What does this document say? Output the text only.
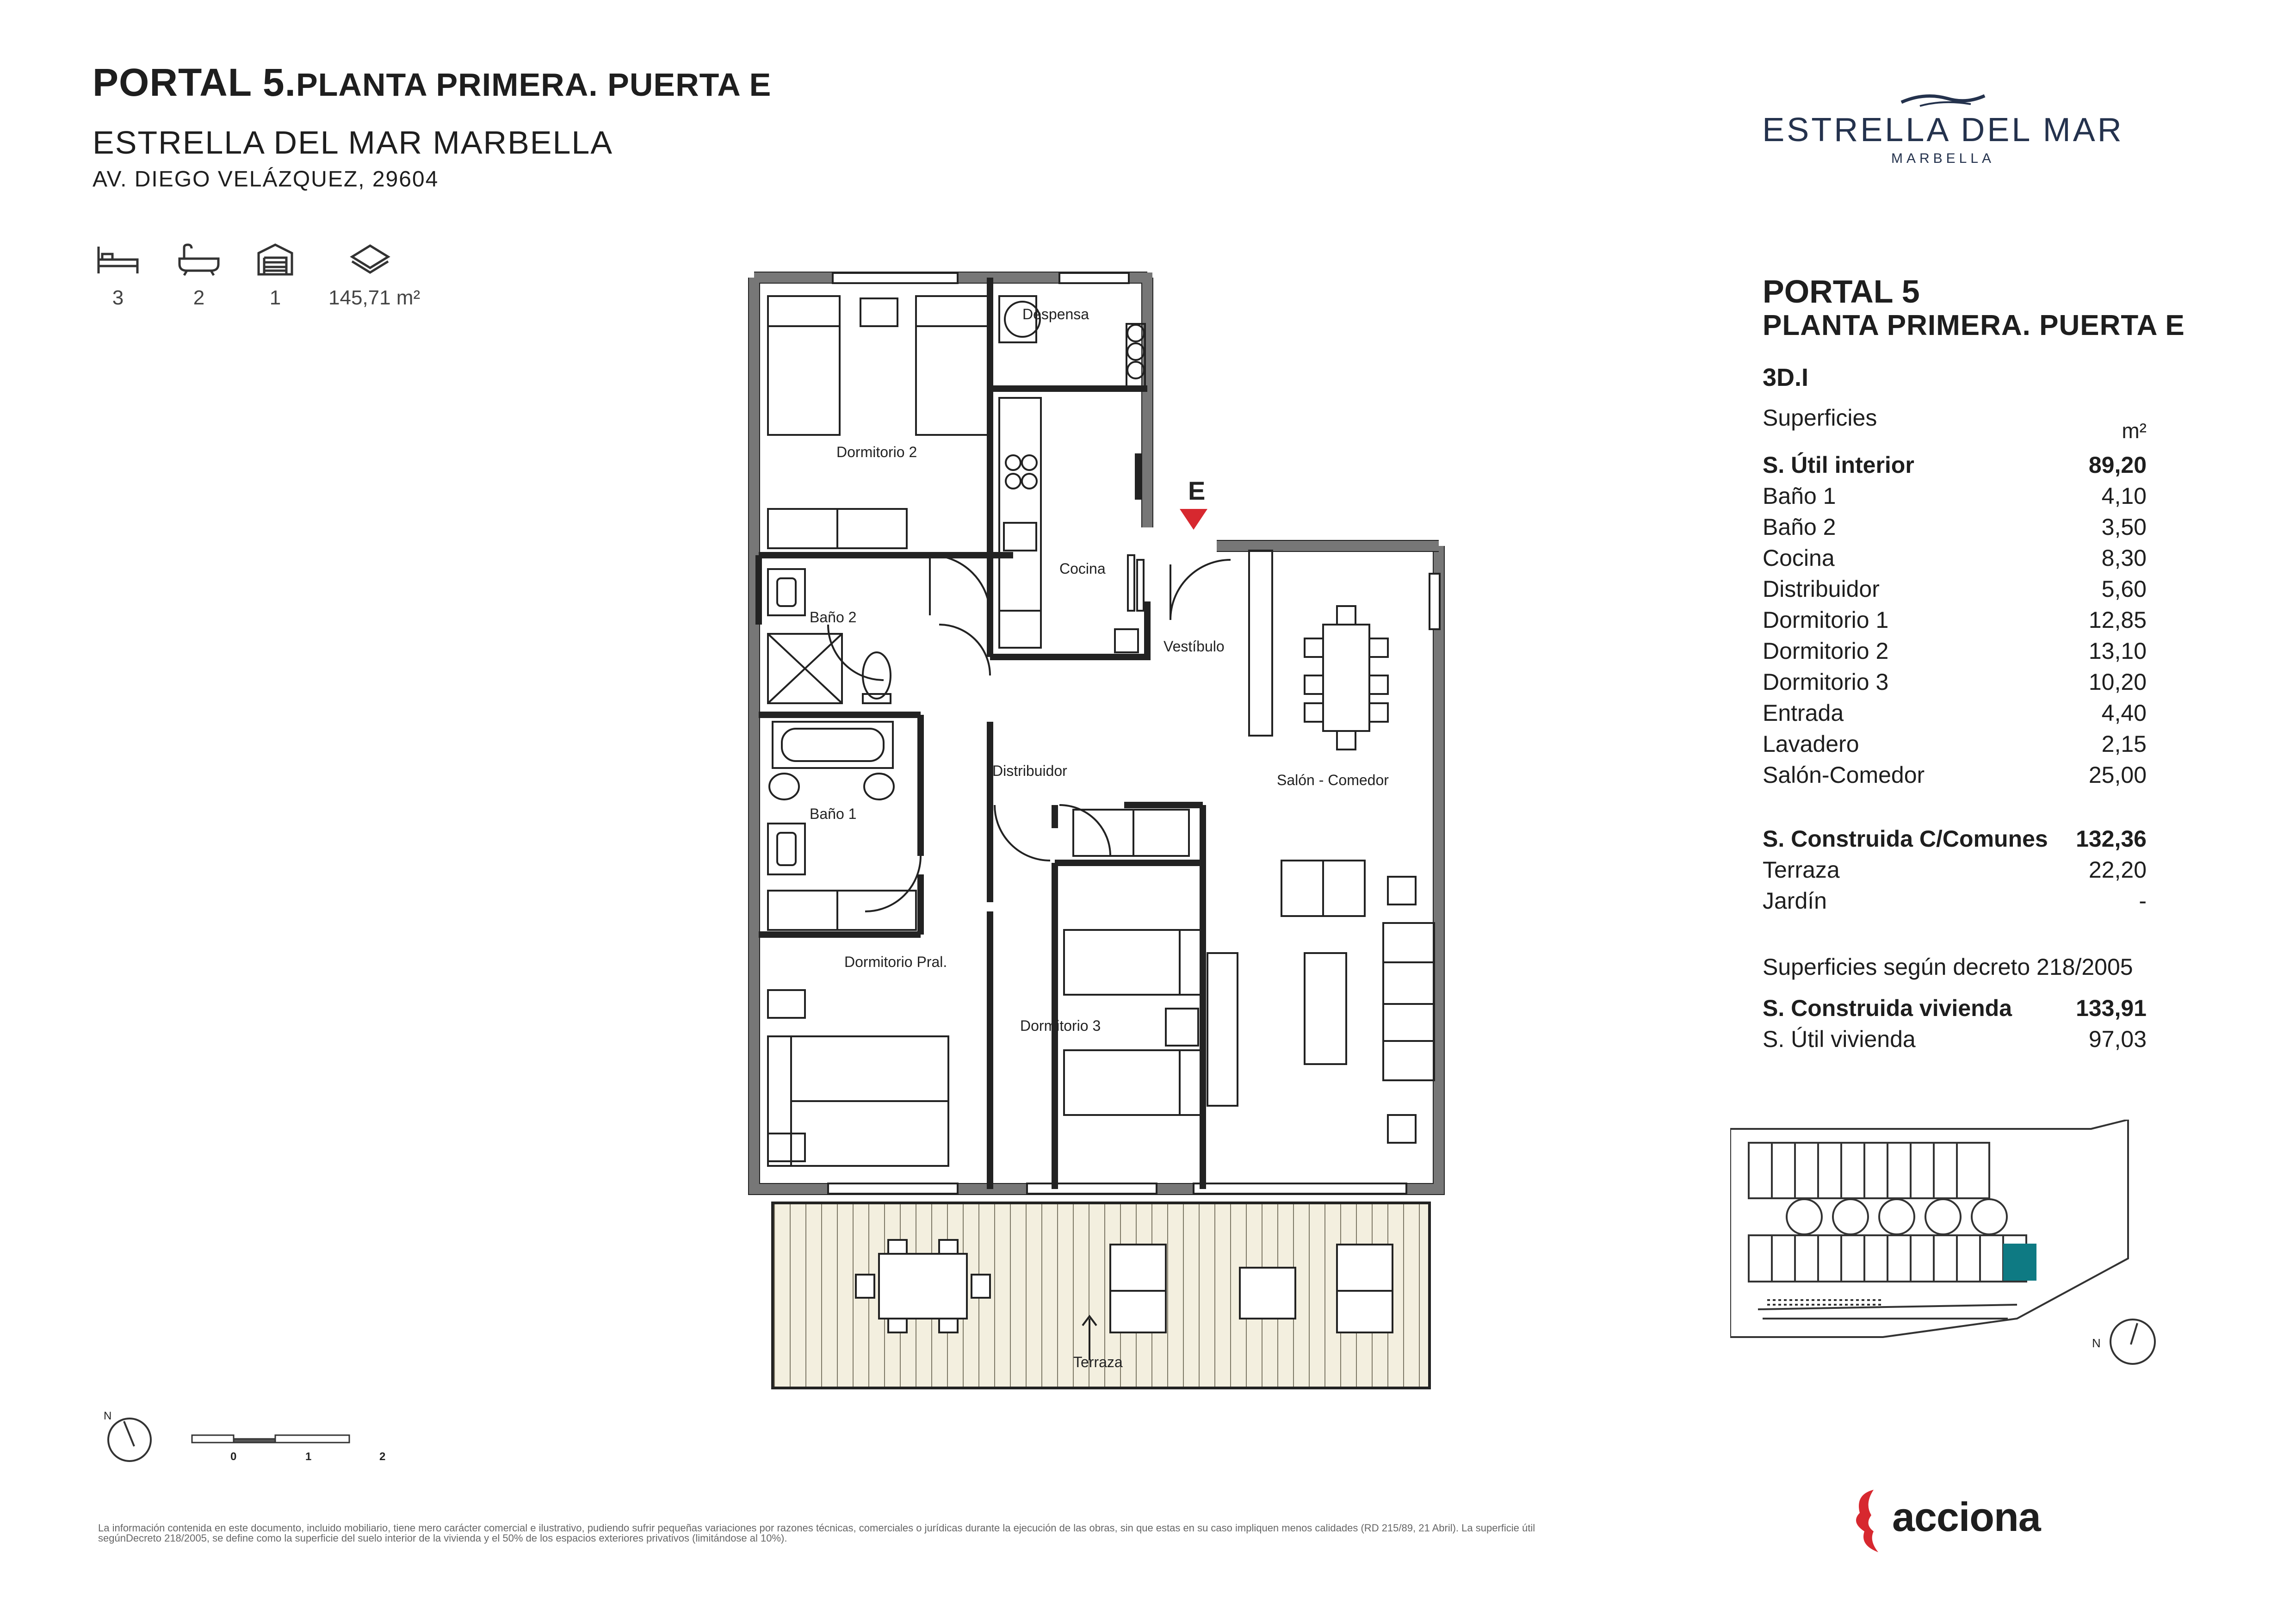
PORTAL 5.PLANTA PRIMERA. PUERTA E
ESTRELLA DEL MAR MARBELLA
AV. DIEGO VELÁZQUEZ, 29604
3	2	1	145,71 m²
ESTRELLA DEL MAR
MARBELLA
PORTAL 5
PLANTA PRIMERA. PUERTA E
3D.I
Superficies	m²
S. Útil interior	89,20
Baño 1	4,10
Baño 2	3,50
Cocina	8,30
Distribuidor	5,60
Dormitorio 1	12,85
Dormitorio 2	13,10
Dormitorio 3	10,20
Entrada	4,40
Lavadero	2,15
Salón-Comedor	25,00
S. Construida C/Comunes 132,36
Terraza	22,20
Jardín	-
Superficies según decreto 218/2005
S. Construida vivienda	133,91
S. Útil vivienda	97,03
N
E
Despensa
Dormitorio 2
Cocina
Baño 2
Vestíbulo
Distribuidor
Salón - Comedor
Baño 1
Dormitorio Pral.
Dormitorio 3
Terraza
N
0	1	2
La información contenida en este documento, incluido mobiliario, tiene mero carácter comercial e ilustrativo, pudiendo sufrir pequeñas variaciones por razones técnicas, comerciales o jurídicas durante la ejecución de las obras, sin que estas en su caso impliquen menos calidades (RD 215/89, 21 Abril). La superficie útil segúnDecreto 218/2005, se define como la superficie del suelo interior de la vivienda y el 50% de los espacios exteriores privativos (limitándose al 10%).	acciona
